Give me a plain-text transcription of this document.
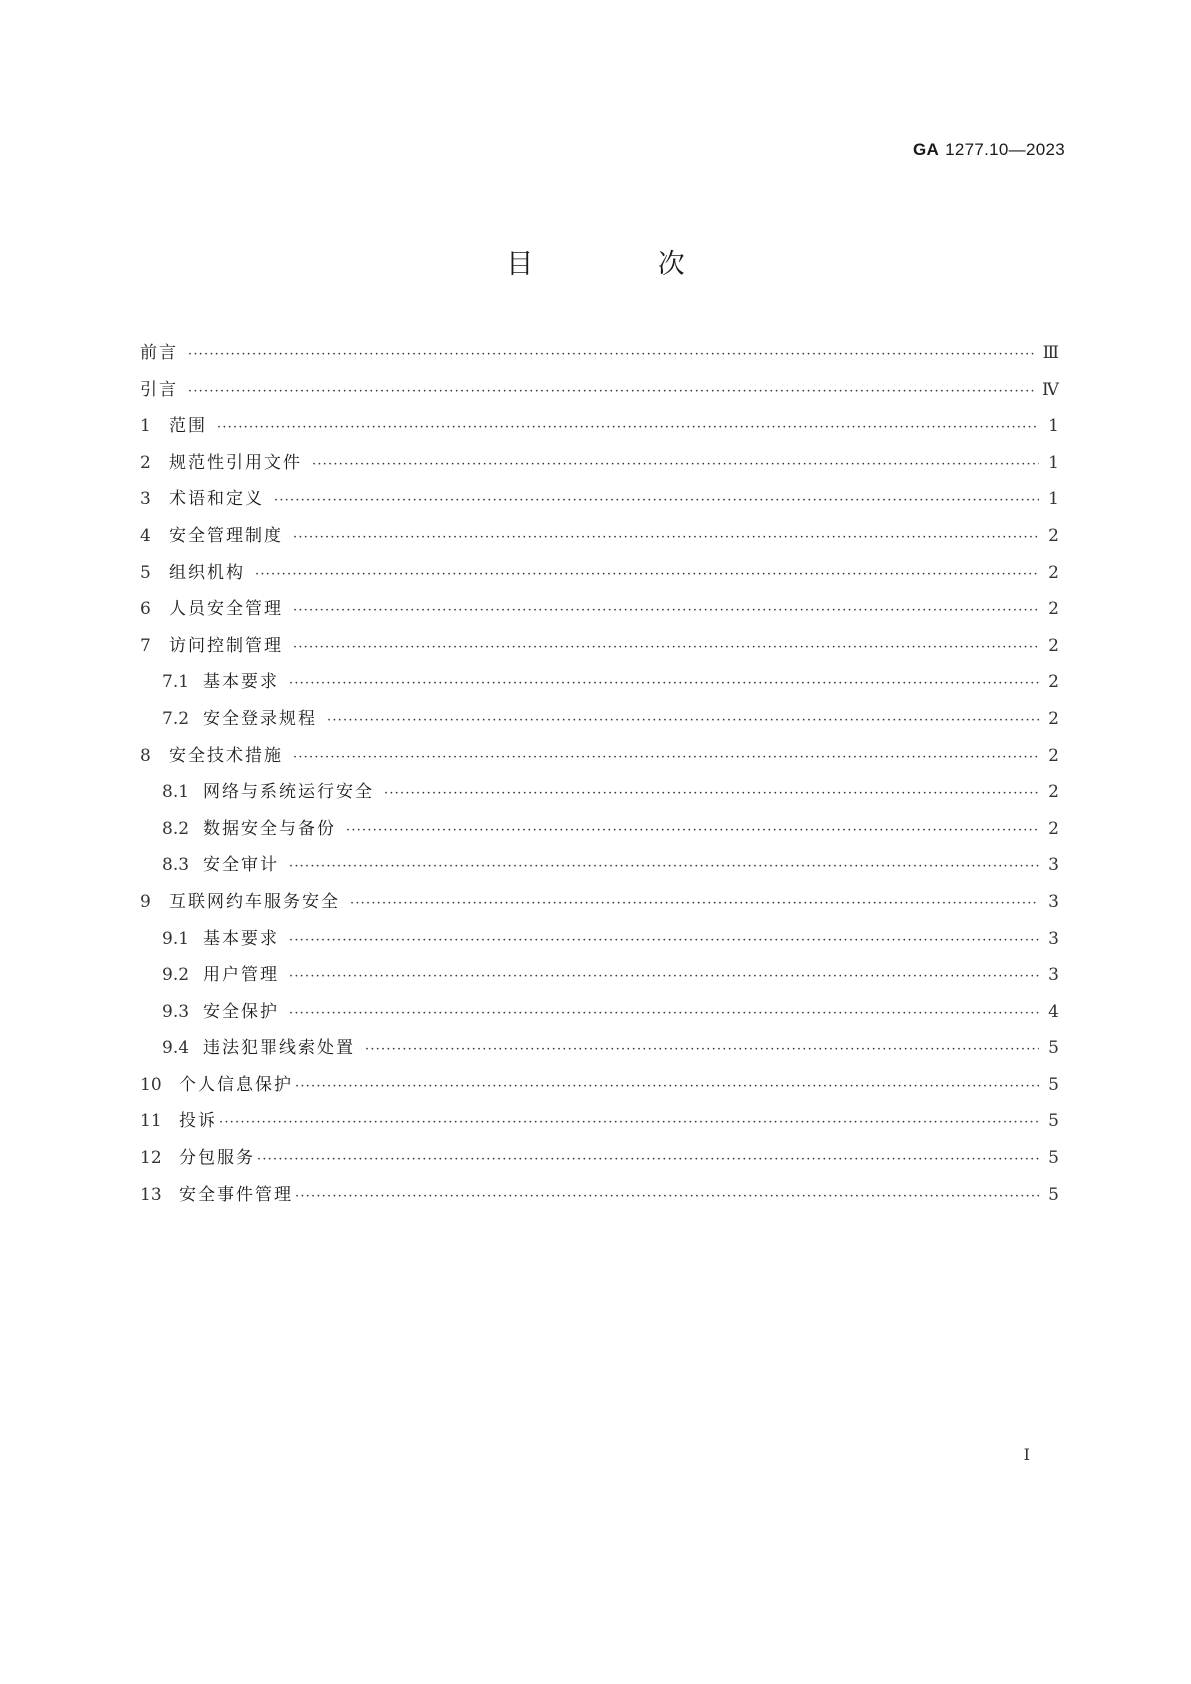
GA 1277.10—2023
目 次
前言 ·····	Ⅲ
引言 ·····	Ⅳ
1	范围 ·····	1
2	规范性引用文件 ·····	1
3	术语和定义 ·····	1
4	安全管理制度 ·····	2
5	组织机构 ·····	2
6	人员安全管理 ·····	2
7	访问控制管理 ·····	2
7.1 基本要求 ·····	2
7.2 安全登录规程 ·····	2
8	安全技术措施 ·····	2
8.1 网络与系统运行安全 ·····	2
8.2 数据安全与备份 ·····	2
8.3 安全审计 ·····	3
9	互联网约车服务安全 ·····	3
9.1 基本要求 ·····	3
9.2 用户管理 ·····	3
9.3 安全保护 ·····	4
9.4 违法犯罪线索处置 ·····	5
10	个人信息保护 ·····	5
11	投诉 ·····	5
12	分包服务 ·····	5
13	安全事件管理 ·····	5
I
